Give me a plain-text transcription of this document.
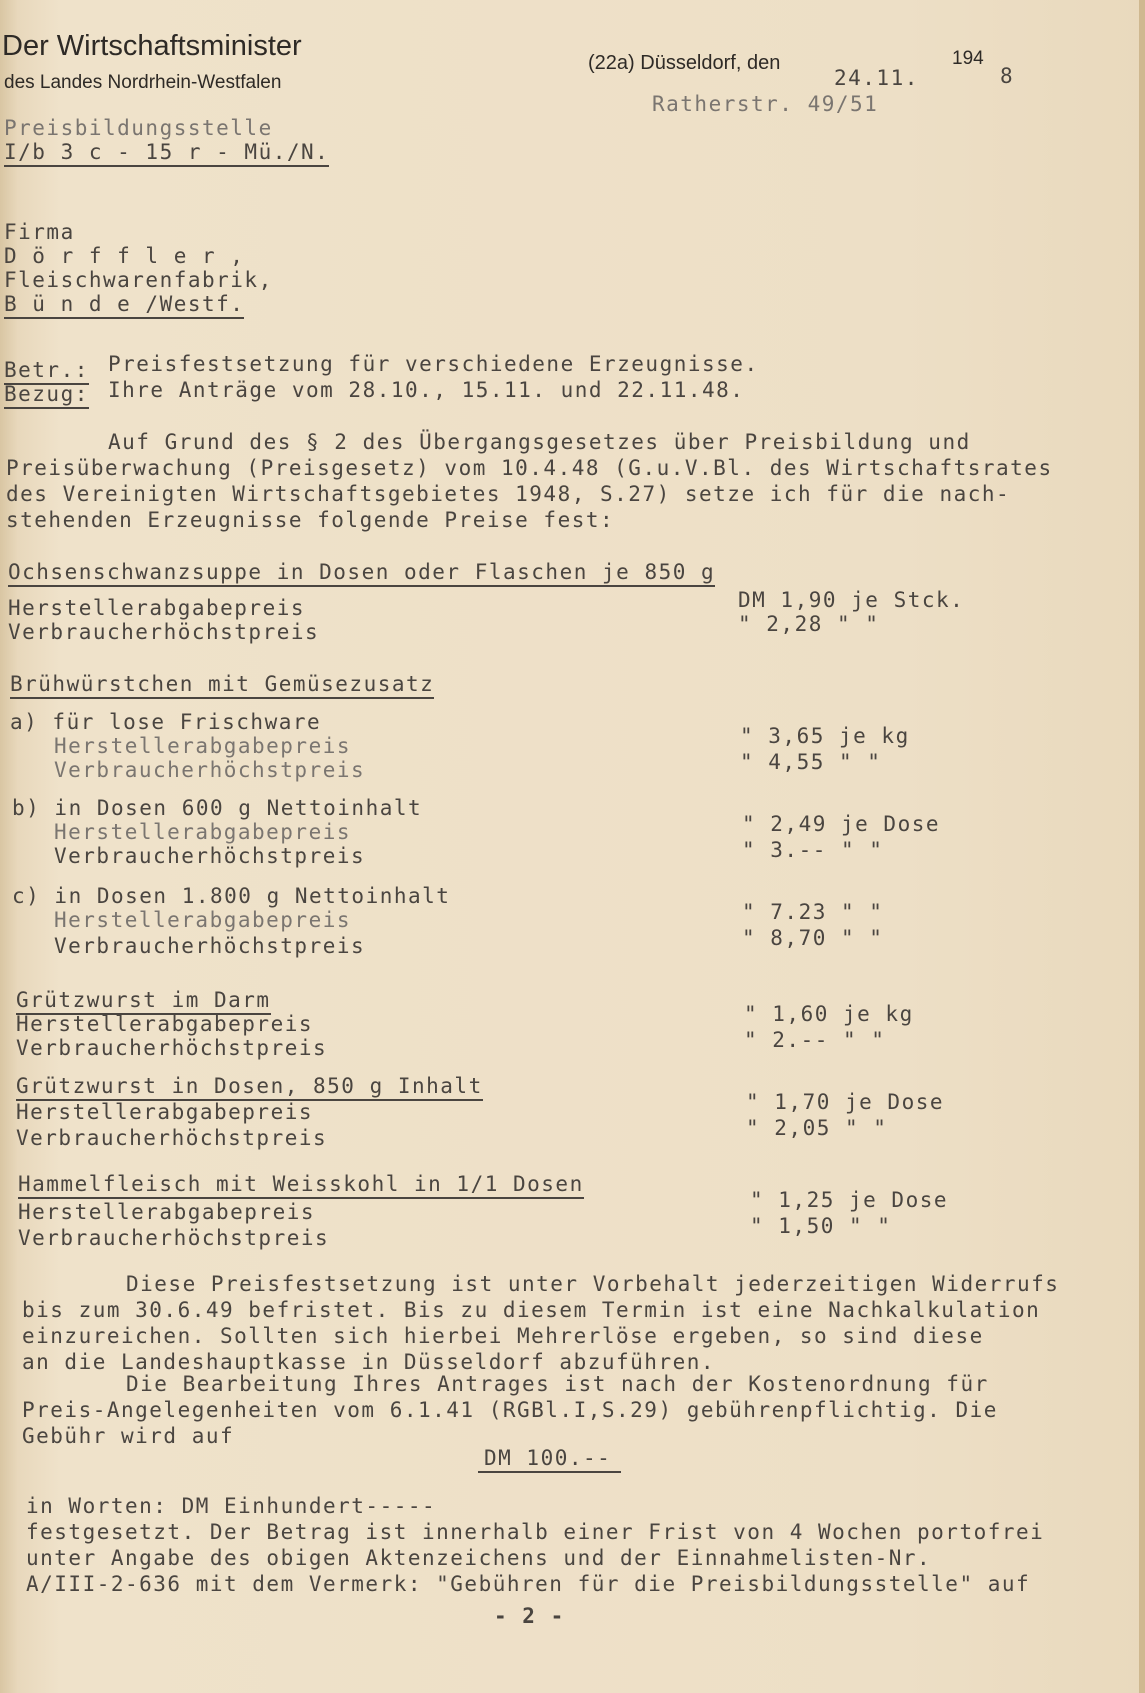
Der Wirtschaftsminister
des Landes Nordrhein-Westfalen
(22a) Düsseldorf, den	194
24.11.	8
Ratherstr. 49/51
Preisbildungsstelle
I/b 3 c - 15 r - Mü./N.
Firma
D ö r f f l e r ,
Fleischwarenfabrik,
B ü n d e /Westf.
Betr.: Preisfestsetzung für verschiedene Erzeugnisse.
Bezug: Ihre Anträge vom 28.10., 15.11. und 22.11.48.
Auf Grund des § 2 des Übergangsgesetzes über Preisbildung und
Preisüberwachung (Preisgesetz) vom 10.4.48 (G.u.V.Bl. des Wirtschaftsrates
des Vereinigten Wirtschaftsgebietes 1948, S.27) setze ich für die nach-
stehenden Erzeugnisse folgende Preise fest:
Ochsenschwanzsuppe in Dosen oder Flaschen je 850 g
Herstellerabgabepreis	DM 1,90 je Stck.
Verbraucherhöchstpreis	" 2,28 " "
Brühwürstchen mit Gemüsezusatz
a) für lose Frischware
Herstellerabgabepreis	" 3,65 je kg
Verbraucherhöchstpreis	" 4,55 " "
b) in Dosen 600 g Nettoinhalt
Herstellerabgabepreis	" 2,49 je Dose
Verbraucherhöchstpreis	" 3.-- " "
c) in Dosen 1.800 g Nettoinhalt
Herstellerabgabepreis	" 7.23 " "
Verbraucherhöchstpreis	" 8,70 " "
Grützwurst im Darm
Herstellerabgabepreis	" 1,60 je kg
Verbraucherhöchstpreis	" 2.-- " "
Grützwurst in Dosen, 850 g Inhalt
Herstellerabgabepreis	" 1,70 je Dose
Verbraucherhöchstpreis	" 2,05 " "
Hammelfleisch mit Weisskohl in 1/1 Dosen
Herstellerabgabepreis	" 1,25 je Dose
Verbraucherhöchstpreis	" 1,50 " "
Diese Preisfestsetzung ist unter Vorbehalt jederzeitigen Widerrufs
bis zum 30.6.49 befristet. Bis zu diesem Termin ist eine Nachkalkulation
einzureichen. Sollten sich hierbei Mehrerlöse ergeben, so sind diese
an die Landeshauptkasse in Düsseldorf abzuführen.
Die Bearbeitung Ihres Antrages ist nach der Kostenordnung für
Preis-Angelegenheiten vom 6.1.41 (RGBl.I,S.29) gebührenpflichtig. Die
Gebühr wird auf
DM 100.--
in Worten: DM Einhundert-----
festgesetzt. Der Betrag ist innerhalb einer Frist von 4 Wochen portofrei
unter Angabe des obigen Aktenzeichens und der Einnahmelisten-Nr.
A/III-2-636 mit dem Vermerk: "Gebühren für die Preisbildungsstelle" auf
- 2 -
